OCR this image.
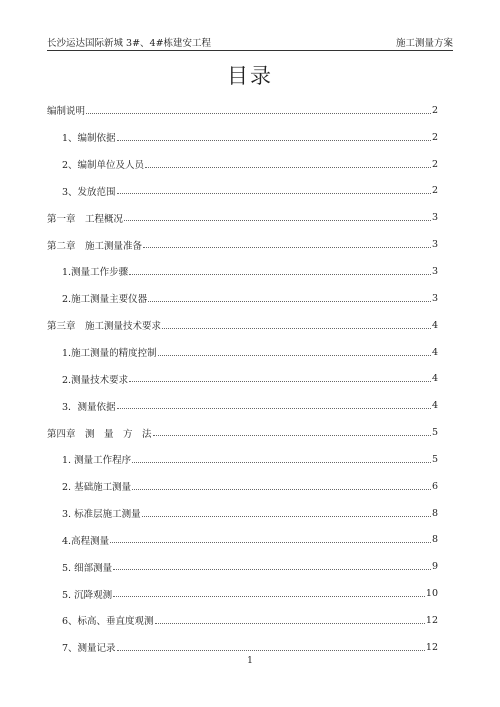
长沙运达国际新城 3#、4#栋建安工程	施工测量方案
目录
编制说明	2
1、编制依据	2
2、编制单位及人员	2
3、发放范围	2
第一章　工程概况	3
第二章　施工测量准备	3
1.测量工作步骤	3
2.施工测量主要仪器	3
第三章　施工测量技术要求	4
1.施工测量的精度控制	4
2.测量技术要求	4
3．测量依据	4
第四章　测　量　方　法	5
1. 测量工作程序	5
2. 基础施工测量	6
3. 标准层施工测量	8
4.高程测量	8
5. 细部测量	9
5. 沉降观测	10
6、标高、垂直度观测	12
7、测量记录	12
1
